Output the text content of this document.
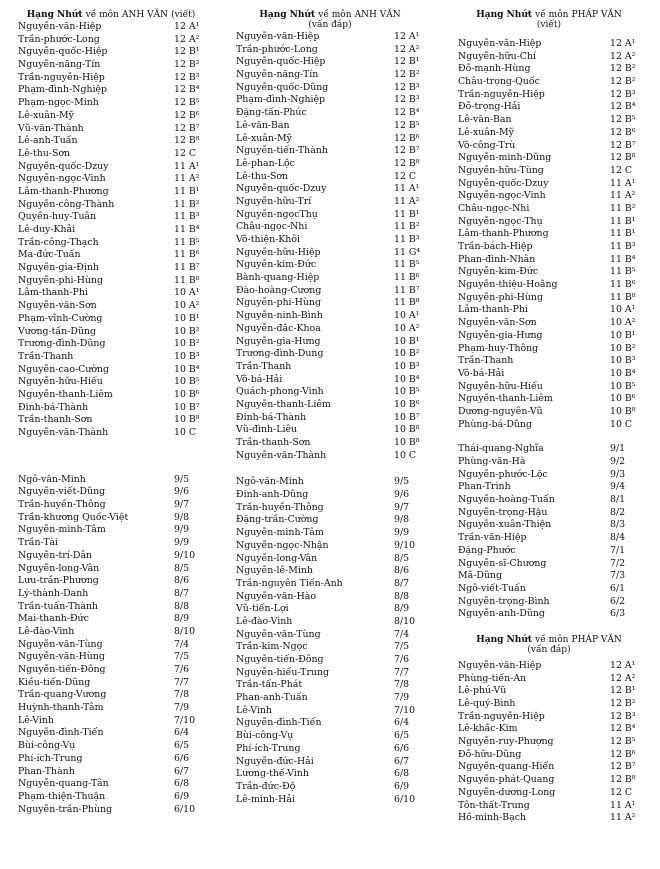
Hạng Nhứt về môn ANH VĂN (viết)
Nguyễn-văn-Hiệp	12 A¹
Trần-phước-Long	12 A²
Nguyễn-quốc-Hiệp	12 B¹
Nguyễn-năng-Tín	12 B²
Trần-nguyễn-Hiệp	12 B³
Phạm-đình-Nghiệp	12 B⁴
Phạm-ngọc-Minh	12 B⁵
Lê-xuân-Mỹ	12 B⁶
Vũ-văn-Thành	12 B⁷
Lê-anh-Tuấn	12 B⁸
Lê-thu-Sơn	12 C
Nguyễn-quốc-Dzuy	11 A¹
Nguyễn-ngọc-Vinh	11 A²
Lâm-thanh-Phương	11 B¹
Nguyễn-công-Thành	11 B²
Quyền-huy-Tuân	11 B³
Lê-duy-Khải	11 B⁴
Trần-công-Thạch	11 B⁵
Ma-đức-Tuấn	11 B⁶
Nguyễn-gia-Định	11 B⁷
Nguyễn-phi-Hùng	11 B⁸
Lâm-thanh-Phi	10 A¹
Nguyễn-văn-Sơn	10 A²
Phạm-vĩnh-Cường	10 B¹
Vương-tấn-Dũng	10 B²
Trương-đình-Dũng	10 B²
Trần-Thanh	10 B³
Nguyễn-cao-Cường	10 B⁴
Nguyễn-hữu-Hiếu	10 B⁵
Nguyễn-thanh-Liêm	10 B⁶
Đinh-bá-Thành	10 B⁷
Trần-thanh-Sơn	10 B⁸
Nguyễn-văn-Thành	10 C
Ngô-văn-Minh	9/5
Nguyễn-viết-Dũng	9/6
Trần-huyền-Thông	9/7
Trần-khương Quốc-Việt	9/8
Nguyễn-minh-Tâm	9/9
Trần-Tài	9/9
Nguyễn-trí-Dân	9/10
Nguyễn-long-Vân	8/5
Lưu-trần-Phương	8/6
Lý-thành-Danh	8/7
Trần-tuấn-Thành	8/8
Mai-thanh-Đức	8/9
Lê-đào-Vinh	8/10
Nguyễn-văn-Tùng	7/4
Nguyễn-văn-Hùng	7/5
Nguyễn-tiến-Đông	7/6
Kiều-tiến-Dũng	7/7
Trần-quang-Vương	7/8
Huỳnh-thanh-Tâm	7/9
Lê-Vinh	7/10
Nguyễn-đình-Tiến	6/4
Bùi-công-Vụ	6/5
Phí-ích-Trung	6/6
Phan-Thành	6/7
Nguyễn-quang-Tân	6/8
Phạm-thiện-Thuận	6/9
Nguyễn-trần-Phùng	6/10
Hạng Nhứt về môn ANH VĂN
(vấn đáp)
Nguyễn-văn-Hiệp	12 A¹
Trần-phước-Long	12 A²
Nguyễn-quốc-Hiệp	12 B¹
Nguyễn-năng-Tín	12 B²
Nguyễn-quốc-Dũng	12 B³
Phạm-đình-Nghiệp	12 B³
Đặng-tấn-Phúc	12 B⁴
Lê-văn-Ban	12 B⁵
Lê-xuân-Mỹ	12 B⁶
Nguyễn-tiến-Thành	12 B⁷
Lê-phan-Lộc	12 B⁸
Lê-thu-Sơn	12 C
Nguyễn-quốc-Dzuy	11 A¹
Nguyễn-hữu-Trí	11 A²
Nguyễn-ngọcThụ	11 B¹
Châu-ngọc-Nhi	11 B²
Võ-thiện-Khôi	11 B³
Nguyễn-hữu-Hiệp	11 G⁴
Nguyễn-kim-Đức	11 B⁵
Bành-quang-Hiệp	11 B⁶
Đào-hoàng-Cương	11 B⁷
Nguyễn-phi-Hùng	11 B⁸
Nguyễn-ninh-Bình	10 A¹
Nguyễn-đắc-Khoa	10 A²
Nguyễn-gia-Hưng	10 B¹
Trương-đình-Dung	10 B²
Trần-Thanh	10 B³
Võ-bá-Hải	10 B⁴
Quách-phong-Vinh	10 B⁵
Nguyễn-thanh-Liêm	10 B⁶
Đinh-bá-Thành	10 B⁷
Vũ-đình-Liêu	10 B⁸
Trần-thanh-Sơn	10 B⁸
Nguyễn-văn-Thành	10 C
Ngô-văn-Minh	9/5
Đinh-anh-Dũng	9/6
Trần-huyền-Thông	9/7
Đặng-trần-Cường	9/8
Nguyễn-minh-Tâm	9/9
Nguyễn-ngọc-Nhận	9/10
Nguyễn-long-Vân	8/5
Nguyễn-lê-Minh	8/6
Trần-nguyên Tiến-Anh	8/7
Nguyễn-văn-Hào	8/8
Vũ-tiến-Lợi	8/9
Lê-đào-Vinh	8/10
Nguyễn-văn-Tùng	7/4
Trần-kim-Ngọc	7/5
Nguyễn-tiến-Đông	7/6
Nguyễn-hiếu-Trung	7/7
Trần-tấn-Phát	7/8
Phan-anh-Tuấn	7/9
Lê-Vinh	7/10
Nguyễn-đình-Tiến	6/4
Bùi-công-Vụ	6/5
Phí-ích-Trung	6/6
Nguyễn-đức-Hải	6/7
Lương-thế-Vinh	6/8
Trần-đức-Độ	6/9
Lê-minh-Hải	6/10
Hạng Nhứt về môn PHÁP VĂN
(viết)
Nguyễn-văn-Hiệp	12 A¹
Nguyễn-hữu-Chí	12 A²
Đỗ-mạnh-Hùng	12 B²
Châu-trọng-Quốc	12 B²
Trần-nguyễn-Hiệp	12 B³
Đỗ-trọng-Hải	12 B⁴
Lê-văn-Ban	12 B⁵
Lê-xuân-Mỹ	12 B⁶
Võ-công-Trù	12 B⁷
Nguyễn-minh-Dũng	12 B⁸
Nguyễn-hữu-Tùng	12 C
Nguyễn-quốc-Dzuy	11 A¹
Nguyễn-ngọc-Vinh	11 A²
Châu-ngọc-Nhi	11 B²
Nguyễn-ngọc-Thụ	11 B¹
Lâm-thanh-Phương	11 B¹
Trần-bách-Hiệp	11 B³
Phan-đình-Nhân	11 B⁴
Nguyễn-kim-Đức	11 B⁵
Nguyễn-thiệu-Hoằng	11 B⁶
Nguyễn-phi-Hùng	11 B⁸
Lâm-thanh-Phi	10 A¹
Nguyễn-văn-Sơn	10 A²
Nguyễn-gia-Hưng	10 B¹
Phạm-huy-Thông	10 B²
Trần-Thanh	10 B³
Võ-bá-Hải	10 B⁴
Nguyễn-hữu-Hiếu	10 B⁵
Nguyễn-thanh-Liêm	10 B⁶
Dương-nguyên-Vũ	10 B⁸
Phùng-bá-Dũng	10 C
Thái-quang-Nghĩa	9/1
Phùng-văn-Hà	9/2
Nguyễn-phước-Lộc	9/3
Phan-Trinh	9/4
Nguyễn-hoàng-Tuấn	8/1
Nguyễn-trọng-Hậu	8/2
Nguyễn-xuân-Thiện	8/3
Trần-văn-Hiệp	8/4
Đặng-Phước	7/1
Nguyễn-sĩ-Chương	7/2
Mã-Dũng	7/3
Ngô-viết-Tuấn	6/1
Nguyễn-trọng-Bình	6/2
Nguyễn-anh-Dũng	6/3
Hạng Nhứt về môn PHÁP VĂN
(vấn đáp)
Nguyễn-văn-Hiệp	12 A¹
Phùng-tiến-An	12 A²
Lê-phú-Vũ	12 B¹
Lê-quý-Bình	12 B²
Trần-nguyễn-Hiệp	12 B³
Lê-khắc-Kim	12 B⁴
Nguyễn-ruy-Phượng	12 B⁵
Đỗ-hữu-Dũng	12 B⁶
Nguyễn-quang-Hiển	12 B⁷
Nguyễn-phát-Quang	12 B⁸
Nguyễn-dương-Long	12 C
Tôn-thất-Trung	11 A¹
Hồ-minh-Bạch	11 A²
